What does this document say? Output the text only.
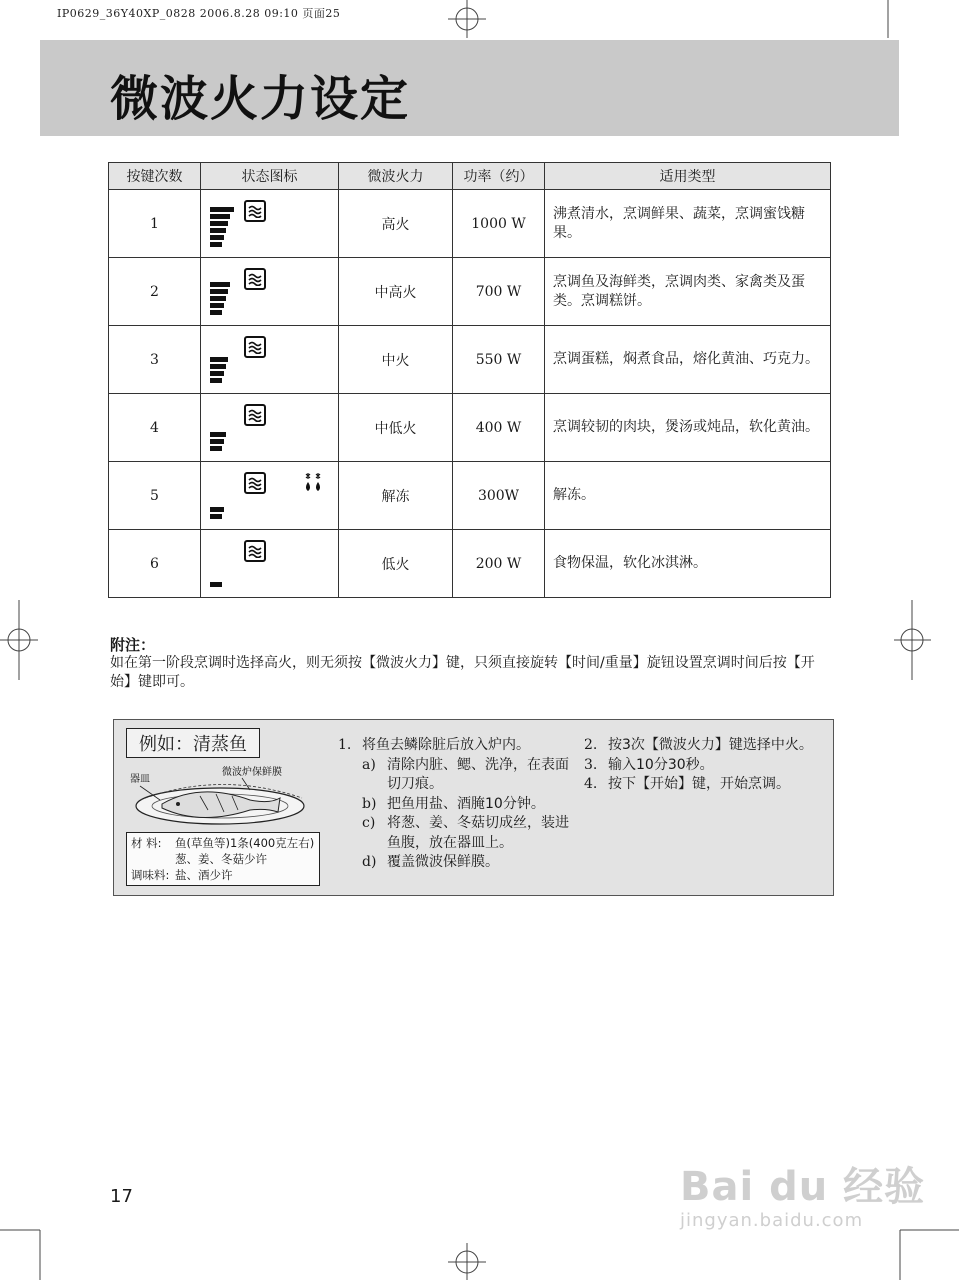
IP0629_36Y40XP_0828 2006.8.28 09:10 页面25
微波火力设定
按键次数	状态图标	微波火力	功率（约）	适用类型
1		高火	1000 W	沸煮清水，烹调鲜果、蔬菜，烹调蜜饯糖果。
2		中高火	700 W	烹调鱼及海鲜类，烹调肉类、家禽类及蛋类。烹调糕饼。
3		中火	550 W	烹调蛋糕，焖煮食品，熔化黄油、巧克力。
4		中低火	400 W	烹调较韧的肉块，煲汤或炖品，软化黄油。
5		解冻	300W	解冻。
6		低火	200 W	食物保温，软化冰淇淋。
附注：
如在第一阶段烹调时选择高火，则无须按【微波火力】键，只须直接旋转【时间/重量】旋钮设置烹调时间后按【开始】键即可。
例如：清蒸鱼
器皿
微波炉保鲜膜
材 料:	鱼(草鱼等)1条(400克左右)葱、姜、冬菇少许
调味料: 盐、酒少许
1. 将鱼去鳞除脏后放入炉内。
a) 清除内脏、鳃、洗净，在表面切刀痕。
b) 把鱼用盐、酒腌10分钟。
c) 将葱、姜、冬菇切成丝，装进鱼腹，放在器皿上。
d) 覆盖微波保鲜膜。
2. 按3次【微波火力】键选择中火。
3. 输入10分30秒。
4. 按下【开始】键，开始烹调。
17	Bai du 经验
jingyan.baidu.com
